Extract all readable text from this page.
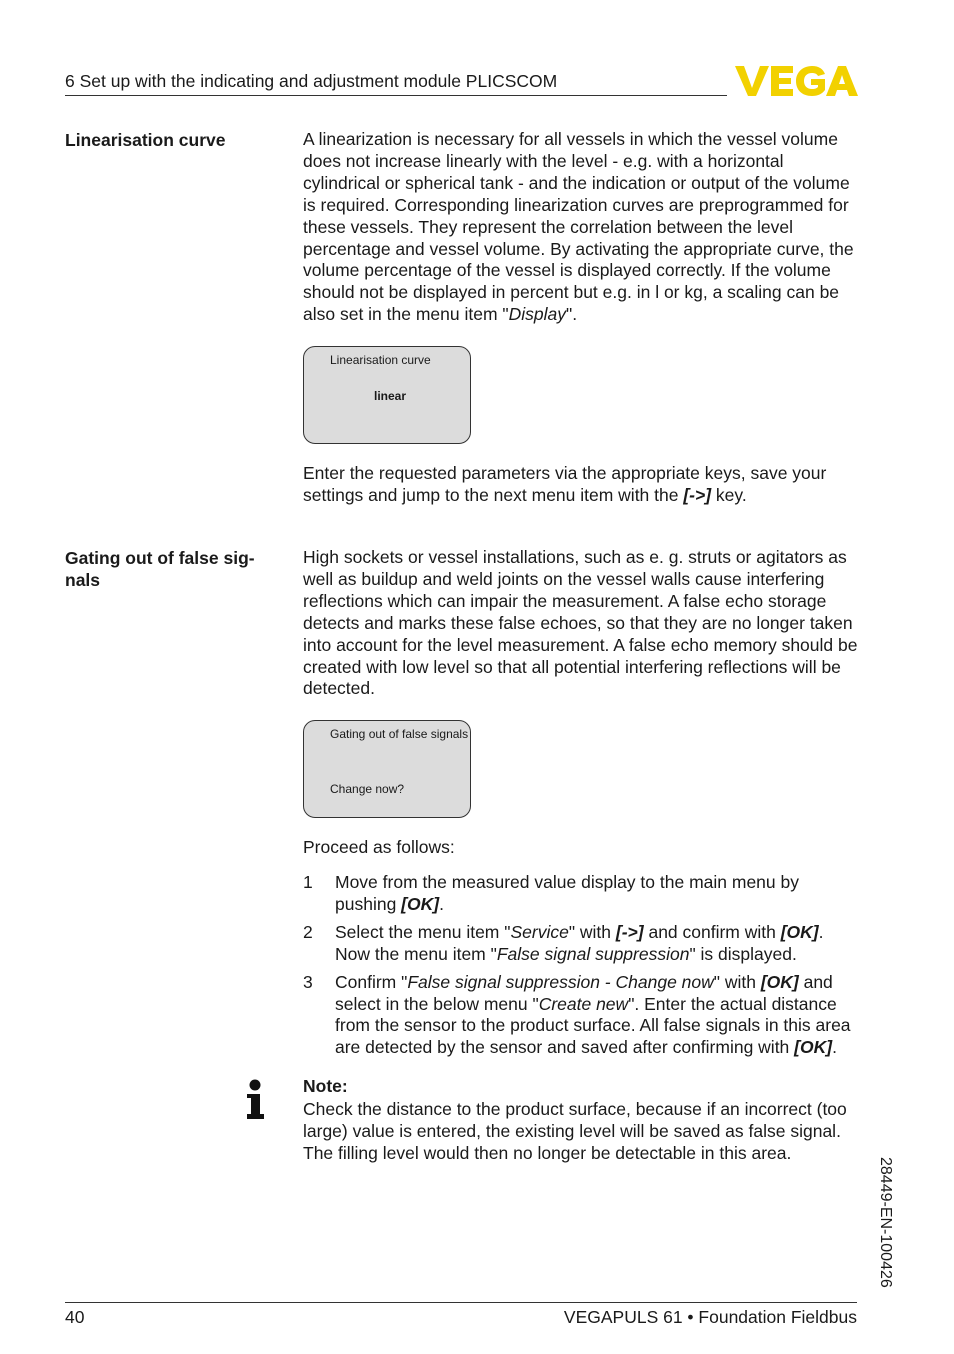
6 Set up with the indicating and adjustment module PLICSCOM
Linearisation curve	A linearization is necessary for all vessels in which the vessel volume does not increase linearly with the level - e.g. with a horizontal cylindrical or spherical tank - and the indication or output of the volume is required. Corresponding linearization curves are preprogrammed for these vessels. They represent the correlation between the level percentage and vessel volume. By activating the appropriate curve, the volume percentage of the vessel is displayed correctly. If the volume should not be displayed in percent but e.g. in l or kg, a scaling can be also set in the menu item "Display".
Linearisation curve
linear
Enter the requested parameters via the appropriate keys, save your settings and jump to the next menu item with the [->] key.
Gating out of false sig-nals
High sockets or vessel installations, such as e. g. struts or agitators as well as buildup and weld joints on the vessel walls cause interfering reflections which can impair the measurement. A false echo storage detects and marks these false echoes, so that they are no longer taken into account for the level measurement. A false echo memory should be created with low level so that all potential interfering reflections will be detected.
Gating out of false signals
Change now?
Proceed as follows:
1 Move from the measured value display to the main menu by pushing [OK].
2 Select the menu item "Service" with [->] and confirm with [OK]. Now the menu item "False signal suppression" is displayed.
3 Confirm "False signal suppression - Change now" with [OK] and select in the below menu "Create new". Enter the actual distance from the sensor to the product surface. All false signals in this area are detected by the sensor and saved after confirming with [OK].
Note:
Check the distance to the product surface, because if an incorrect (too large) value is entered, the existing level will be saved as false signal. The filling level would then no longer be detectable in this area.
28449-EN-100426
40	VEGAPULS 61 • Foundation Fieldbus
